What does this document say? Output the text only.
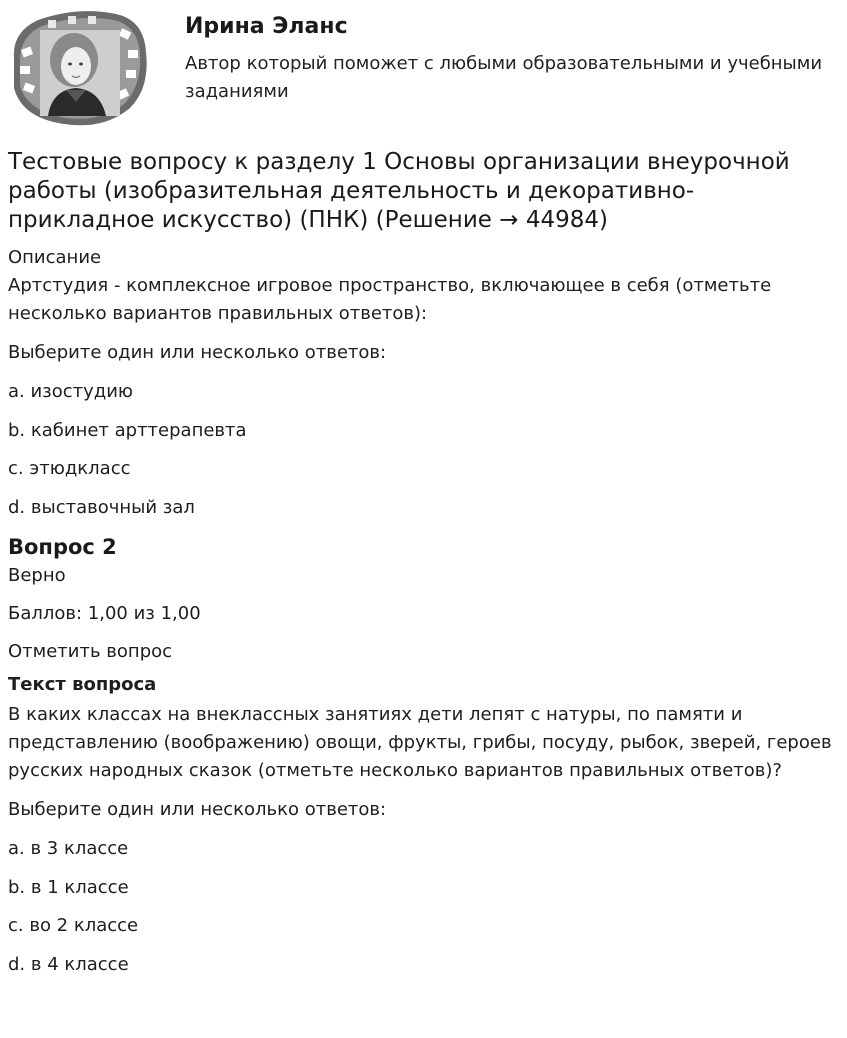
Ирина Эланс
Автор который поможет с любыми образовательными и учебными заданиями
Тестовые вопросу к разделу 1 Основы организации внеурочной работы (изобразительная деятельность и декоративно-прикладное искусство) (ПНК) (Решение → 44984)

Описание

Артстудия - комплексное игровое пространство, включающее в себя (отметьте несколько вариантов правильных ответов):

Выберите один или несколько ответов:

a. изостудию

b. кабинет арттерапевта

c. этюдкласс

d. выставочный зал

Вопрос 2

Верно

Баллов: 1,00 из 1,00

Отметить вопрос

Текст вопроса

В каких классах на внеклассных занятиях дети лепят с натуры, по памяти и представлению (воображению) овощи, фрукты, грибы, посуду, рыбок, зверей, героев русских народных сказок (отметьте несколько вариантов правильных ответов)?

Выберите один или несколько ответов:

a. в 3 классе

b. в 1 классе

c. во 2 классе

d. в 4 классе
